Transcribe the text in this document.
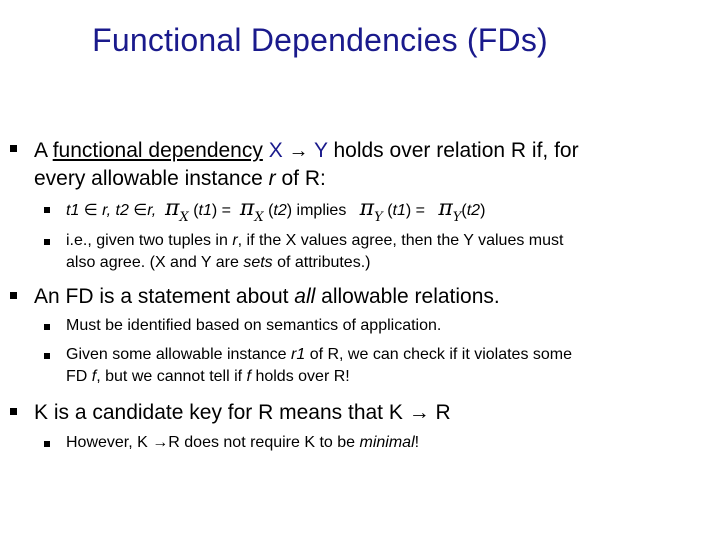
Functional Dependencies (FDs)
A functional dependency X → Y holds over relation R if, for
every allowable instance r of R:
t1 ∈ r, t2 ∈r, $\pi_X$ $(t1) = \pi_X$ (t2) implies $\pi_Y$ $(t1) = \pi_Y(t2)$
i.e., given two tuples in r, if the X values agree, then the Y values must
also agree. (X and Y are sets of attributes.)
An FD is a statement about all allowable relations.
Must be identified based on semantics of application.
Given some allowable instance r1 of R, we can check if it violates some
FD f, but we cannot tell if f holds over R!
K is a candidate key for R means that K → R
However, K →R does not require K to be minimal!
